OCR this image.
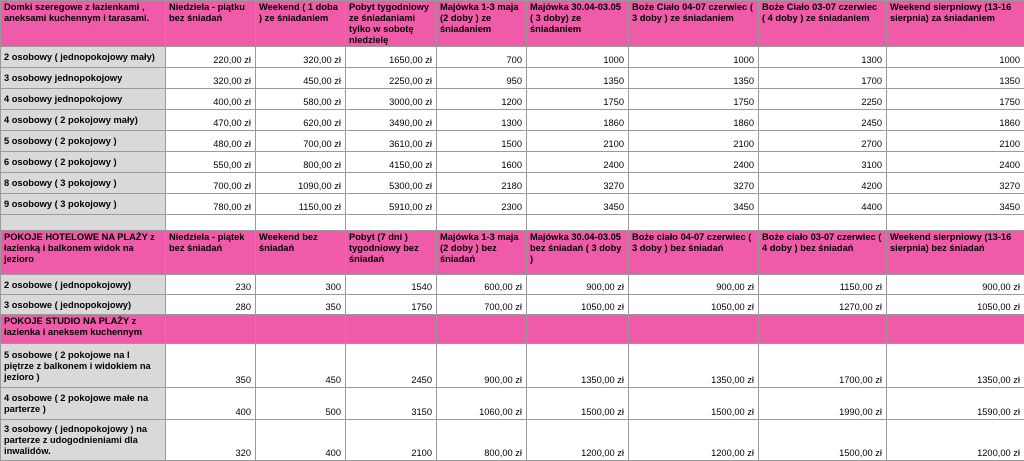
Domki szeregowe z łazienkami , aneksami kuchennym i tarasami.	Niedziela - piątku bez śniadań	Weekend ( 1 doba ) ze śniadaniem	Pobyt tygodniowy ze śniadaniami tylko w sobotę niedzielę	Majówka 1-3 maja (2 doby ) ze śniadaniem	Majówka 30.04-03.05 ( 3 doby) ze śniadaniem	Boże Ciało 04-07 czerwiec ( 3 doby ) ze śniadaniem	Boże Ciało 03-07 czerwiec ( 4 doby ) ze śniadaniem	Weekend sierpniowy (13-16 sierpnia) za śniadaniem
2 osobowy ( jednopokojowy mały)	220,00 zł	320,00 zł	1650,00 zł	700	1000	1000	1300	1000
3 osobowy jednopokojowy	320,00 zł	450,00 zł	2250,00 zł	950	1350	1350	1700	1350
4 osobowy jednopokojowy	400,00 zł	580,00 zł	3000,00 zł	1200	1750	1750	2250	1750
4 osobowy ( 2 pokojowy mały)	470,00 zł	620,00 zł	3490,00 zł	1300	1860	1860	2450	1860
5 osobowy ( 2 pokojowy )	480,00 zł	700,00 zł	3610,00 zł	1500	2100	2100	2700	2100
6 osobowy ( 2 pokojowy )	550,00 zł	800,00 zł	4150,00 zł	1600	2400	2400	3100	2400
8 osobowy ( 3 pokojowy )	700,00 zł	1090,00 zł	5300,00 zł	2180	3270	3270	4200	3270
9 osobowy ( 3 pokojowy )	780,00 zł	1150,00 zł	5910,00 zł	2300	3450	3450	4400	3450

POKOJE HOTELOWE NA PLAŻY z łazienką i balkonem widok na jezioro	Niedziela - piątek bez śniadań	Weekend bez śniadań	Pobyt (7 dni ) tygodniowy bez śniadań	Majówka 1-3 maja (2 doby ) bez śniadań	Majówka 30.04-03.05 bez śniadań ( 3 doby )	Boże ciało 04-07 czerwiec ( 3 doby ) bez śniadań	Boże ciało 03-07 czerwiec ( 4 doby ) bez śniadań	Weekend sierpniowy (13-16 sierpnia) bez śniadań
2 osobowe ( jednopokojowy)	230	300	1540	600,00 zł	900,00 zł	900,00 zł	1150,00 zł	900,00 zł
3 osobowe ( jednopokojowy)	280	350	1750	700,00 zł	1050,00 zł	1050,00 zł	1270,00 zł	1050,00 zł
POKOJE STUDIO NA PLAŻY z łazienka i aneksem kuchennym								
5 osobowe ( 2 pokojowe na I piętrze z balkonem i widokiem na jezioro )	350	450	2450	900,00 zł	1350,00 zł	1350,00 zł	1700,00 zł	1350,00 zł
4 osobowe ( 2 pokojowe małe na parterze )	400	500	3150	1060,00 zł	1500,00 zł	1500,00 zł	1990,00 zł	1590,00 zł
3 osobowy ( jednopokojowy ) na parterze z udogodnieniami dla inwalidów.	320	400	2100	800,00 zł	1200,00 zł	1200,00 zł	1500,00 zł	1200,00 zł
